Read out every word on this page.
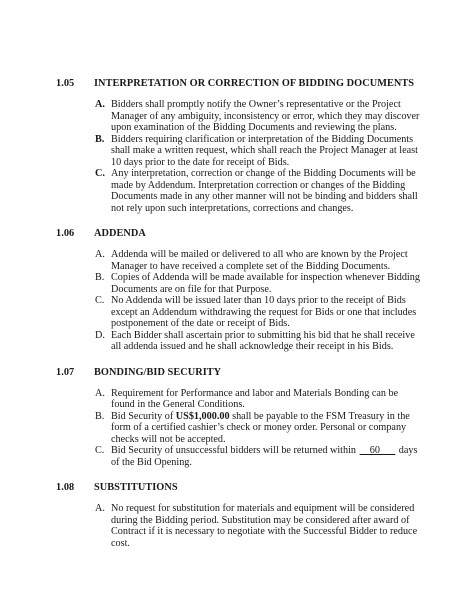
1.05	INTERPRETATION OR CORRECTION OF BIDDING DOCUMENTS
A. Bidders shall promptly notify the Owner’s representative or the Project Manager of any ambiguity, inconsistency or error, which they may discover upon examination of the Bidding Documents and reviewing the plans.
B. Bidders requiring clarification or interpretation of the Bidding Documents shall make a written request, which shall reach the Project Manager at least 10 days prior to the date for receipt of Bids.
C. Any interpretation, correction or change of the Bidding Documents will be made by Addendum. Interpretation correction or changes of the Bidding Documents made in any other manner will not be binding and bidders shall not rely upon such interpretations, corrections and changes.
1.06	ADDENDA
A. Addenda will be mailed or delivered to all who are known by the Project Manager to have received a complete set of the Bidding Documents.
B. Copies of Addenda will be made available for inspection whenever Bidding Documents are on file for that Purpose.
C. No Addenda will be issued later than 10 days prior to the receipt of Bids except an Addendum withdrawing the request for Bids or one that includes postponement of the date or receipt of Bids.
D. Each Bidder shall ascertain prior to submitting his bid that he shall receive all addenda issued and he shall acknowledge their receipt in his Bids.
1.07	BONDING/BID SECURITY
A. Requirement for Performance and labor and Materials Bonding can be found in the General Conditions.
B. Bid Security of US$1,000.00 shall be payable to the FSM Treasury in the form of a certified cashier’s check or money order. Personal or company checks will not be accepted.
C. Bid Security of unsuccessful bidders will be returned within __60___ days of the Bid Opening.
1.08	SUBSTITUTIONS
A. No request for substitution for materials and equipment will be considered during the Bidding period. Substitution may be considered after award of Contract if it is necessary to negotiate with the Successful Bidder to reduce cost.
